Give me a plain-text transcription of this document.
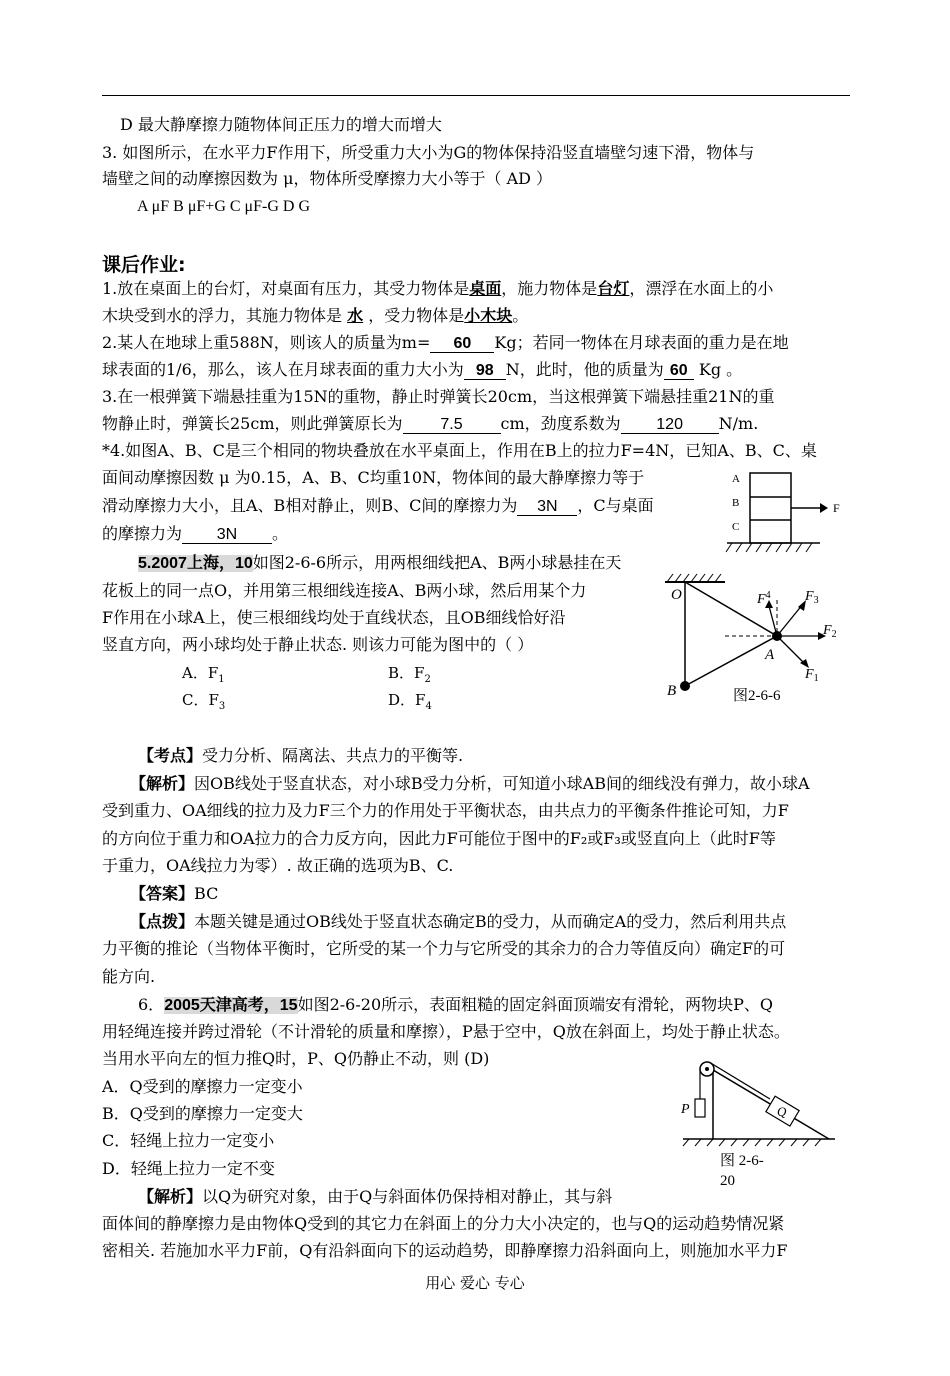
D 最大静摩擦力随物体间正压力的增大而增大
3. 如图所示，在水平力F作用下，所受重力大小为G的物体保持沿竖直墙壁匀速下滑，物体与
墙壁之间的动摩擦因数为 μ，物体所受摩擦力大小等于（ AD ）
A μF B μF+G C μF-G D G
课后作业:
1.放在桌面上的台灯，对桌面有压力，其受力物体是桌面，施力物体是台灯，漂浮在水面上的小
木块受到水的浮力，其施力物体是 水 ，受力物体是小木块。
2.某人在地球上重588N，则该人的质量为m= 60 Kg；若同一物体在月球表面的重力是在地
球表面的1/6，那么，该人在月球表面的重力大小为 98 N，此时，他的质量为 60 Kg 。
3.在一根弹簧下端悬挂重为15N的重物，静止时弹簧长20cm，当这根弹簧下端悬挂重21N的重
物静止时，弹簧长25cm，则此弹簧原长为 7.5 cm，劲度系数为 120 N/m.
*4.如图A、B、C是三个相同的物块叠放在水平桌面上，作用在B上的拉力F=4N，已知A、B、C、桌
面间动摩擦因数 μ 为0.15，A、B、C均重10N，物体间的最大静摩擦力等于
滑动摩擦力大小，且A、B相对静止，则B、C间的摩擦力为 3N ，C与桌面
的摩擦力为 3N 。
A
B
C
F
5.2007上海，10如图2-6-6所示，用两根细线把A、B两小球悬挂在天
花板上的同一点O，并用第三根细线连接A、B两小球，然后用某个力
F作用在小球A上，使三根细线均处于直线状态，且OB细线恰好沿
竖直方向，两小球均处于静止状态. 则该力可能为图中的（ ）
A．$F_1$	B．$F_2$
C．$F_3$	D．$F_4$
O
B
A
$F^4$ $F_3$
$F_2$
$F_1$
图2-6-6
【考点】受力分析、隔离法、共点力的平衡等.
【解析】因OB线处于竖直状态，对小球B受力分析，可知道小球AB间的细线没有弹力，故小球A
受到重力、OA细线的拉力及力F三个力的作用处于平衡状态，由共点力的平衡条件推论可知，力F
的方向位于重力和OA拉力的合力反方向，因此力F可能位于图中的F₂或F₃或竖直向上（此时F等
于重力，OA线拉力为零）. 故正确的选项为B、C.
【答案】BC
【点拨】本题关键是通过OB线处于竖直状态确定B的受力，从而确定A的受力，然后利用共点
力平衡的推论（当物体平衡时，它所受的某一个力与它所受的其余力的合力等值反向）确定F的可
能方向.
6．2005天津高考，15如图2-6-20所示，表面粗糙的固定斜面顶端安有滑轮，两物块P、Q
用轻绳连接并跨过滑轮（不计滑轮的质量和摩擦），P悬于空中，Q放在斜面上，均处于静止状态。
当用水平向左的恒力推Q时，P、Q仍静止不动，则 (D)
A．Q受到的摩擦力一定变小
B．Q受到的摩擦力一定变大
C．轻绳上拉力一定变小
D．轻绳上拉力一定不变
P	Q
图 2-6-
20
【解析】以Q为研究对象，由于Q与斜面体仍保持相对静止，其与斜
面体间的静摩擦力是由物体Q受到的其它力在斜面上的分力大小决定的，也与Q的运动趋势情况紧
密相关. 若施加水平力F前，Q有沿斜面向下的运动趋势，即静摩擦力沿斜面向上，则施加水平力F
用心 爱心 专心
